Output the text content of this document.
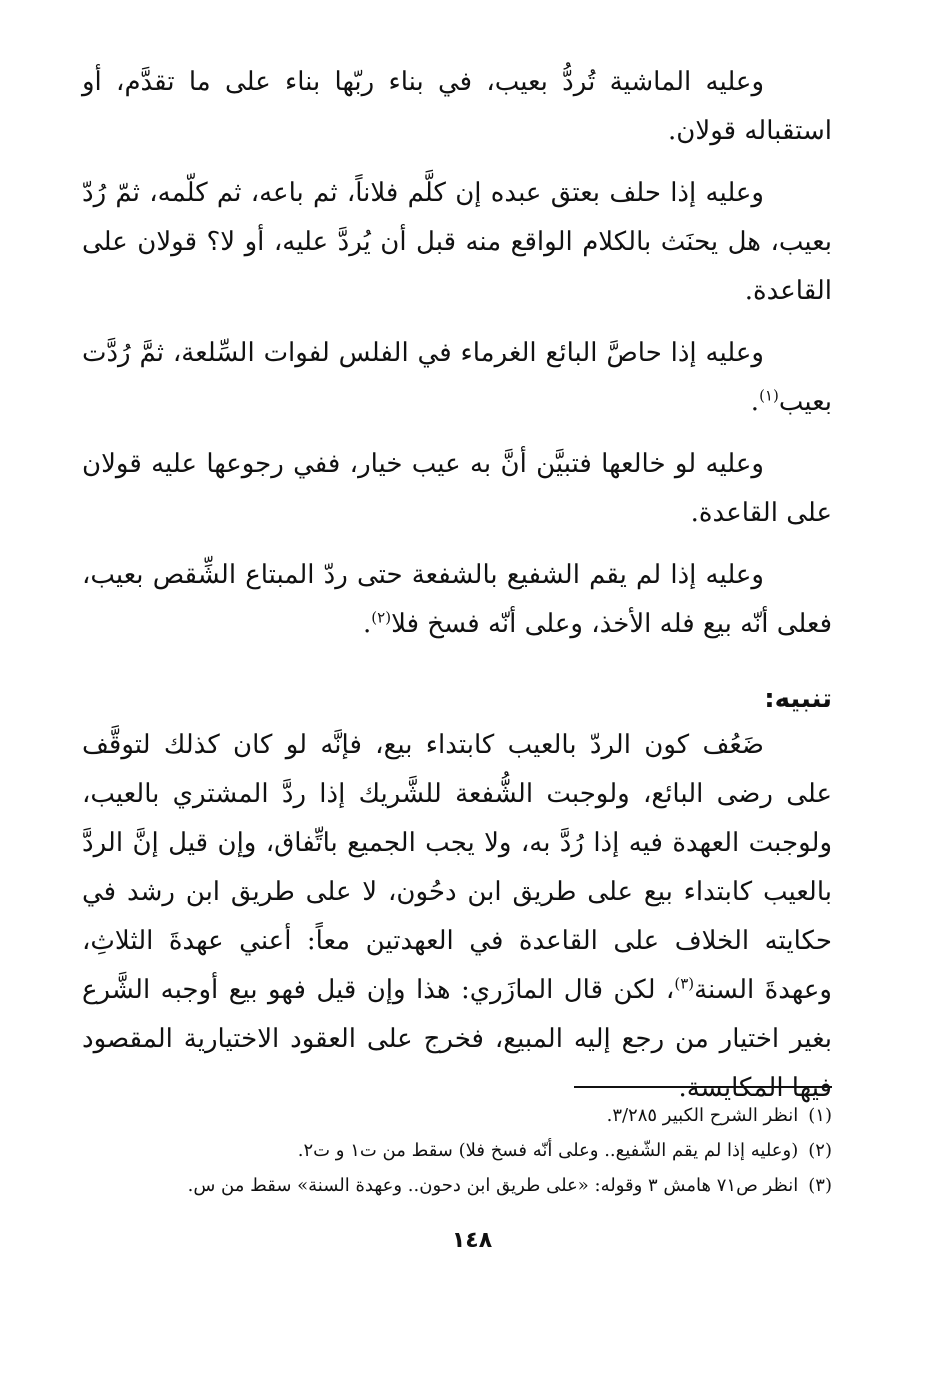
وعليه الماشية تُردُّ بعيب، في بناء ربّها بناء على ما تقدَّم، أو استقباله قولان.

وعليه إذا حلف بعتق عبده إن كلَّم فلاناً، ثم باعه، ثم كلّمه، ثمّ رُدّ بعيب، هل يحنَث بالكلام الواقع منه قبل أن يُردَّ عليه، أو لا؟ قولان على القاعدة.

وعليه إذا حاصَّ البائع الغرماء في الفلس لفوات السِّلعة، ثمَّ رُدَّت بعيب$^{(١)}$.

وعليه لو خالعها فتبيَّن أنَّ به عيب خيار، ففي رجوعها عليه قولان على القاعدة.

وعليه إذا لم يقم الشفيع بالشفعة حتى ردّ المبتاع الشِّقص بعيب، فعلى أنّه بيع فله الأخذ، وعلى أنّه فسخ فلا$^{(٢)}$.

تنبيه:

ضَعُف كون الردّ بالعيب كابتداء بيع، فإنَّه لو كان كذلك لتوقَّف على رضى البائع، ولوجبت الشُّفعة للشَّريك إذا ردَّ المشتري بالعيب، ولوجبت العهدة فيه إذا رُدَّ به، ولا يجب الجميع باتِّفاق، وإن قيل إنَّ الردَّ بالعيب كابتداء بيع على طريق ابن دحُون، لا على طريق ابن رشد في حكايته الخلاف على القاعدة في العهدتين معاً: أعني عهدةَ الثلاثِ، وعهدةَ السنة$^{(٣)}$، لكن قال المازَري: هذا وإن قيل فهو بيع أوجبه الشَّرع بغير اختيار من رجع إليه المبيع، فخرج على العقود الاختيارية المقصود فيها المكايسة.

(١)انظر الشرح الكبير ٣/٢٨٥.
(٢)(وعليه إذا لم يقم الشّفيع.. وعلى أنّه فسخ فلا) سقط من ت١ و ت٢.
(٣)انظر ص٧١ هامش ٣ وقوله: «على طريق ابن دحون.. وعهدة السنة» سقط من س.
١٤٨
